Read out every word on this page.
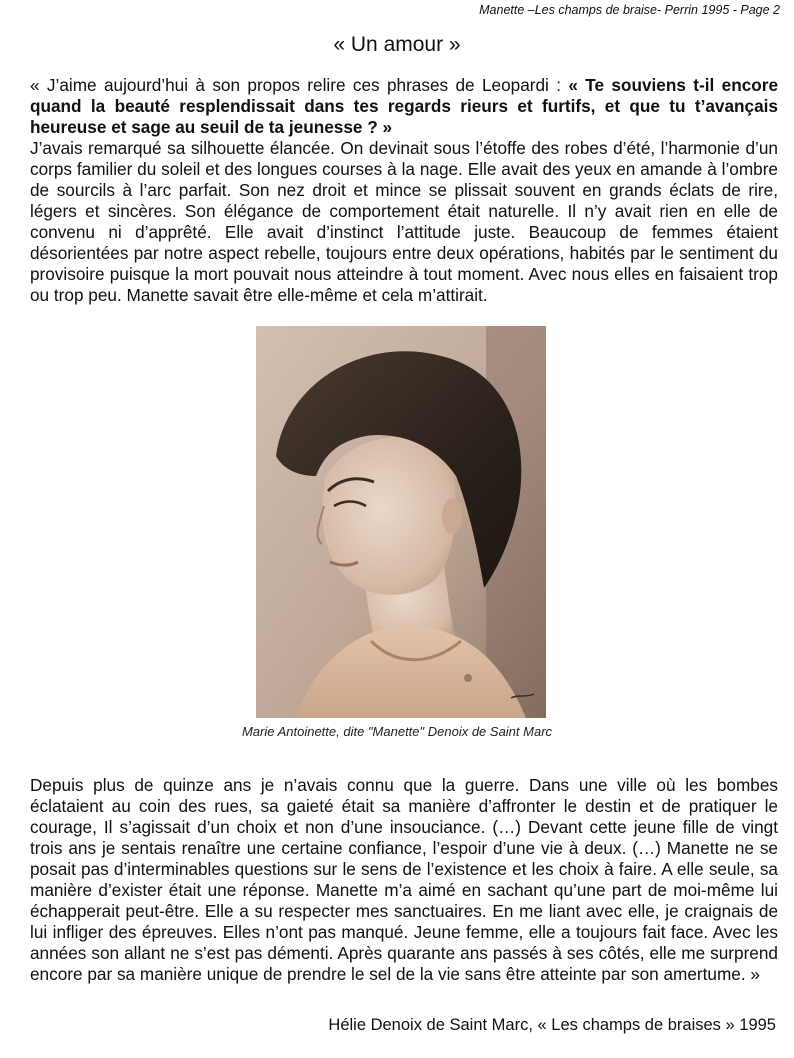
Manette –Les champs de braise- Perrin 1995 - Page 2
« Un amour »

« J’aime aujourd’hui à son propos relire ces phrases de Leopardi : « Te souviens t-il encore quand la beauté resplendissait dans tes regards rieurs et furtifs, et que tu t’avançais heureuse et sage au seuil de ta jeunesse ? »

J’avais remarqué sa silhouette élancée. On devinait sous l’étoffe des robes d’été, l’harmonie d’un corps familier du soleil et des longues courses à la nage. Elle avait des yeux en amande à l’ombre de sourcils à l’arc parfait. Son nez droit et mince se plissait souvent en grands éclats de rire, légers et sincères. Son élégance de comportement était naturelle. Il n’y avait rien en elle de convenu ni d’apprêté. Elle avait d’instinct l’attitude juste. Beaucoup de femmes étaient désorientées par notre aspect rebelle, toujours entre deux opérations, habités par le sentiment du provisoire puisque la mort pouvait nous atteindre à tout moment. Avec nous elles en faisaient trop ou trop peu. Manette savait être elle-même et cela m’attirait.

Marie Antoinette, dite "Manette" Denoix de Saint Marc

Depuis plus de quinze ans je n’avais connu que la guerre. Dans une ville où les bombes éclataient au coin des rues, sa gaieté était sa manière d’affronter le destin et de pratiquer le courage, Il s’agissait d’un choix et non d’une insouciance. (…) Devant cette jeune fille de vingt trois ans je sentais renaître une certaine confiance, l’espoir d’une vie à deux. (…) Manette ne se posait pas d’interminables questions sur le sens de l’existence et les choix à faire. A elle seule, sa manière d’exister était une réponse. Manette m’a aimé en sachant qu’une part de moi-même lui échapperait peut-être. Elle a su respecter mes sanctuaires. En me liant avec elle, je craignais de lui infliger des épreuves. Elles n’ont pas manqué. Jeune femme, elle a toujours fait face. Avec les années son allant ne s’est pas démenti. Après quarante ans passés à ses côtés, elle me surprend encore par sa manière unique de prendre le sel de la vie sans être atteinte par son amertume. »

Hélie Denoix de Saint Marc, « Les champs de braises » 1995
